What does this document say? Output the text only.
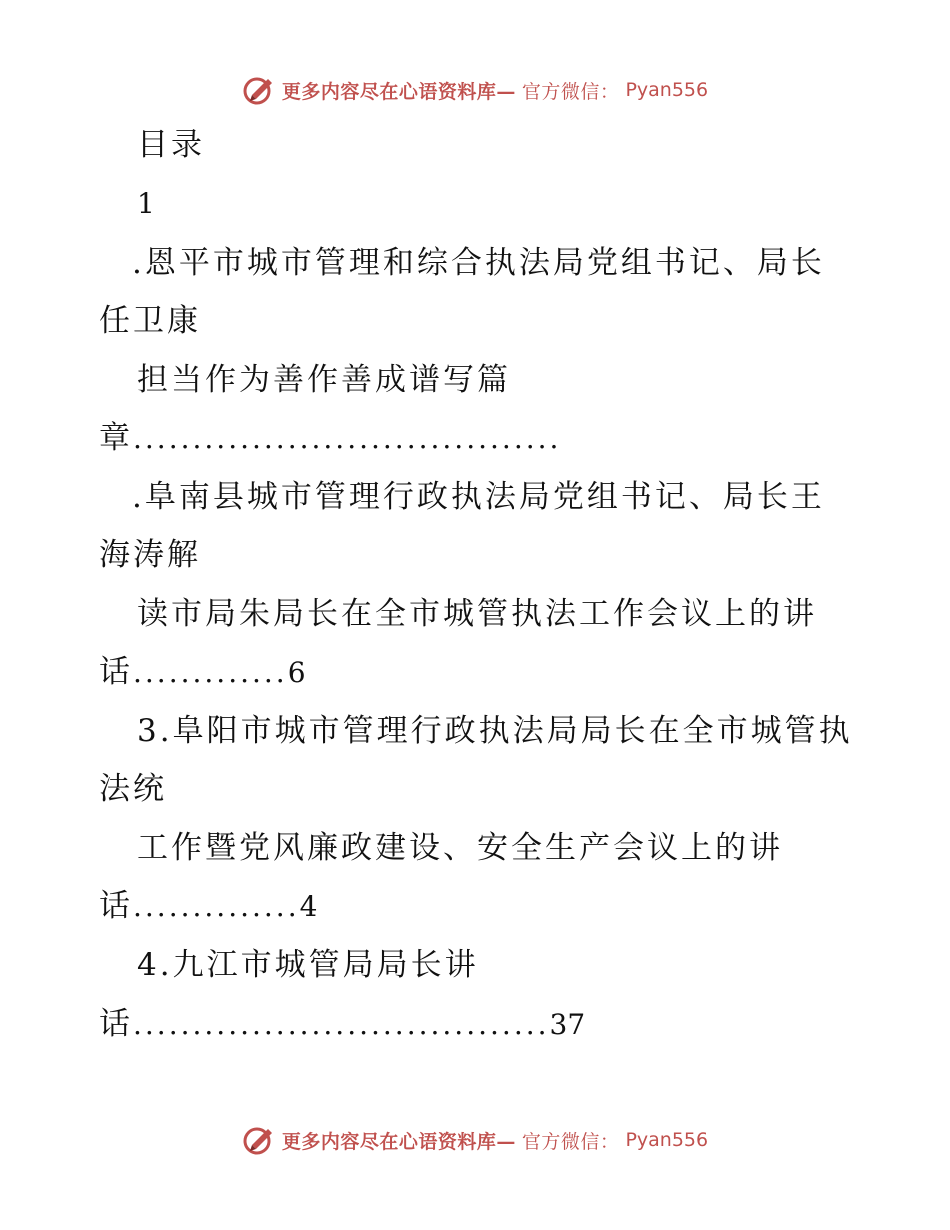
更多内容尽在心语资料库— 官方微信： Pyan556
目录
1
.恩平市城市管理和综合执法局党组书记、局长
任卫康
担当作为善作善成谱写篇
章....................................
.阜南县城市管理行政执法局党组书记、局长王
海涛解
读市局朱局长在全市城管执法工作会议上的讲
话.............6
3.阜阳市城市管理行政执法局局长在全市城管执
法统
工作暨党风廉政建设、安全生产会议上的讲
话..............4
4.九江市城管局局长讲
话...................................37
更多内容尽在心语资料库— 官方微信： Pyan556
